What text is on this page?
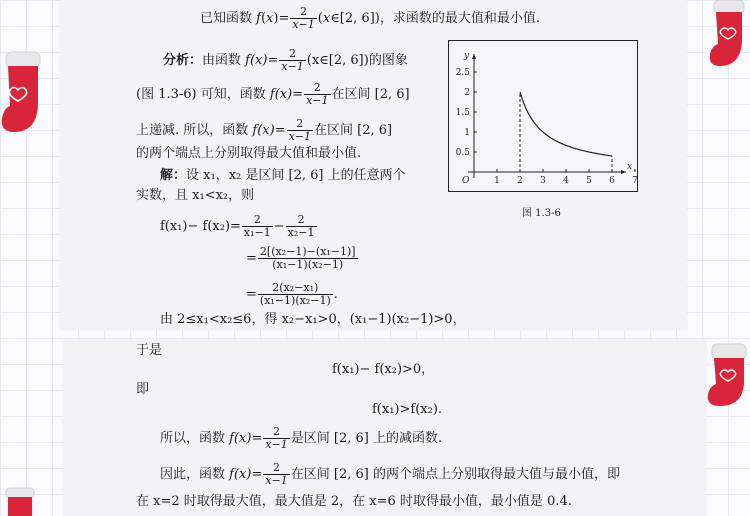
已知函数 $f(x)= \frac{2}{x-1}$ (x∈[2, 6])，求函数的最大值和最小值.
分析：由函数 $f(x)= \frac{2}{x-1}$ (x∈[2, 6])的图象
(图 1.3-6) 可知，函数 $f(x)= \frac{2}{x-1}$ 在区间 [2, 6]
上递减. 所以，函数 $f(x)= \frac{2}{x-1}$ 在区间 [2, 6]
的两个端点上分别取得最大值和最小值.
解：设 x₁，x₂ 是区间 [2, 6] 上的任意两个
实数，且 x₁<x₂，则
$f(x_1)- f(x_2)= \frac{2}{\text{x₁−1}} - \frac{2}{\text{x₂−1}}$
= $\frac{\text{2[(x₂−1)−(x₁−1)]}}{\text{(x₁−1)(x₂−1)}}$
= $\frac{\text{2(x₂−x₁)}}{\text{(x₁−1)(x₂−1)}}$ .
由 2≤x₁<x₂≤6，得 x₂−x₁>0，(x₁−1)(x₂−1)>0，
于是
f(x₁)− f(x₂)>0，
即
f(x₁)>f(x₂).
所以，函数 $f(x)= \frac{2}{x-1}$ 是区间 [2, 6] 上的减函数.
因此，函数 $f(x)= \frac{2}{x-1}$ 在区间 [2, 6] 的两个端点上分别取得最大值与最小值，即
在 x=2 时取得最大值，最大值是 2，在 x=6 时取得最小值，最小值是 0.4.
y
x
O
0.5
1
1.5
2
2.5
1 2 3 4 5 6 7
图 1.3-6
